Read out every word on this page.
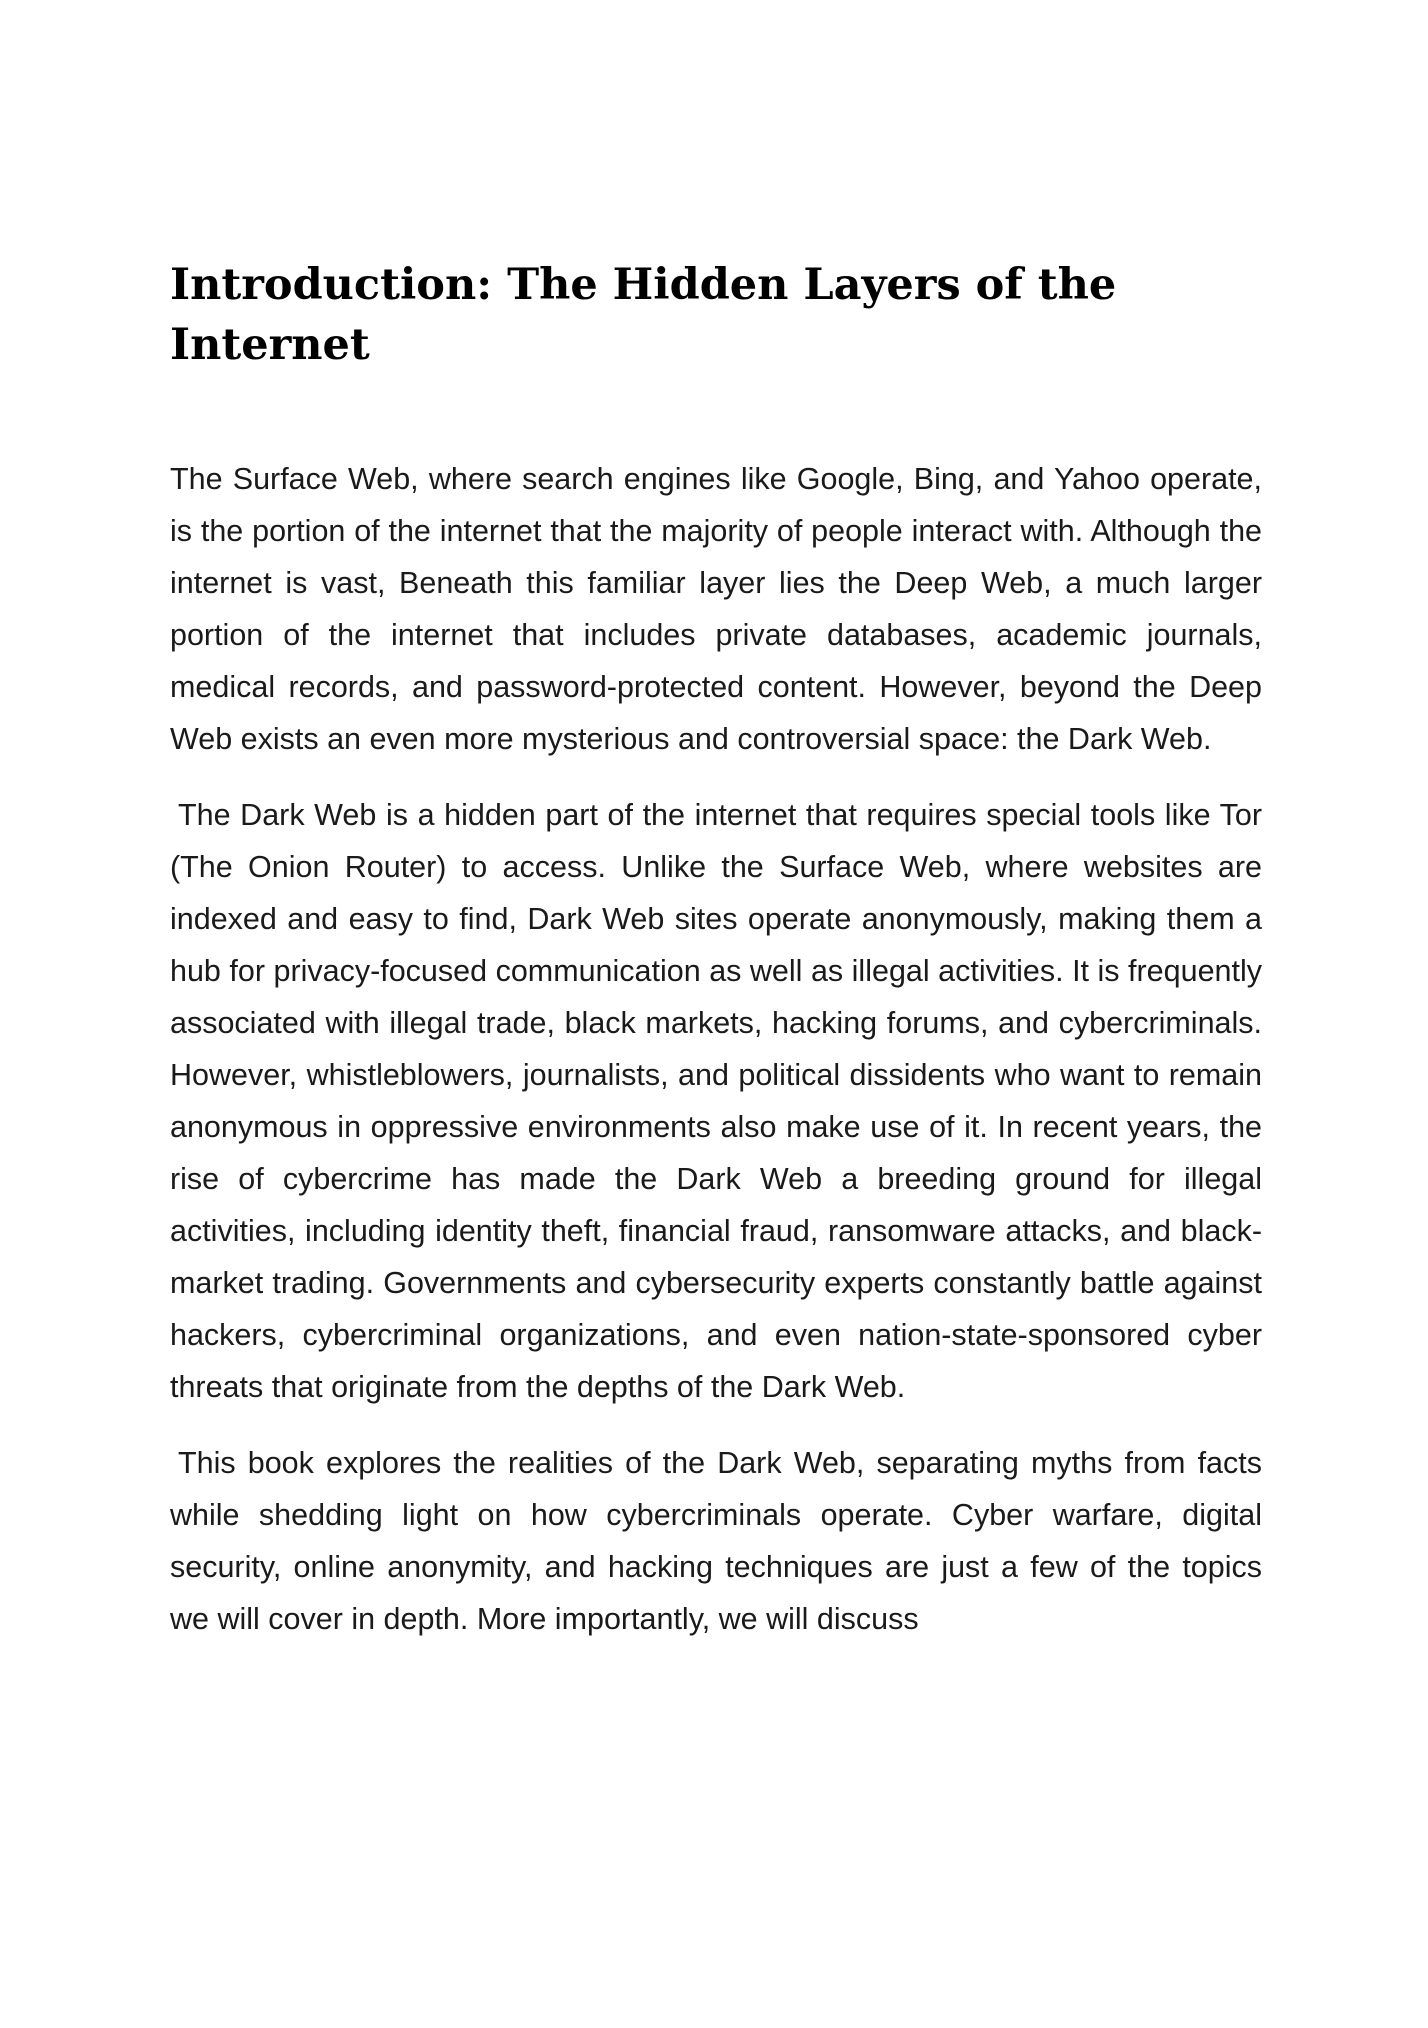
Introduction: The Hidden Layers of the Internet

The Surface Web, where search engines like Google, Bing, and Yahoo operate, is the portion of the internet that the majority of people interact with. Although the internet is vast, Beneath this familiar layer lies the Deep Web, a much larger portion of the internet that includes private databases, academic journals, medical records, and password-protected content. However, beyond the Deep Web exists an even more mysterious and controversial space: the Dark Web.

The Dark Web is a hidden part of the internet that requires special tools like Tor (The Onion Router) to access. Unlike the Surface Web, where websites are indexed and easy to find, Dark Web sites operate anonymously, making them a hub for privacy-focused communication as well as illegal activities. It is frequently associated with illegal trade, black markets, hacking forums, and cybercriminals. However, whistleblowers, journalists, and political dissidents who want to remain anonymous in oppressive environments also make use of it. In recent years, the rise of cybercrime has made the Dark Web a breeding ground for illegal activities, including identity theft, financial fraud, ransomware attacks, and black-market trading. Governments and cybersecurity experts constantly battle against hackers, cybercriminal organizations, and even nation-state-sponsored cyber threats that originate from the depths of the Dark Web.

This book explores the realities of the Dark Web, separating myths from facts while shedding light on how cybercriminals operate. Cyber warfare, digital security, online anonymity, and hacking techniques are just a few of the topics we will cover in depth. More importantly, we will discuss
